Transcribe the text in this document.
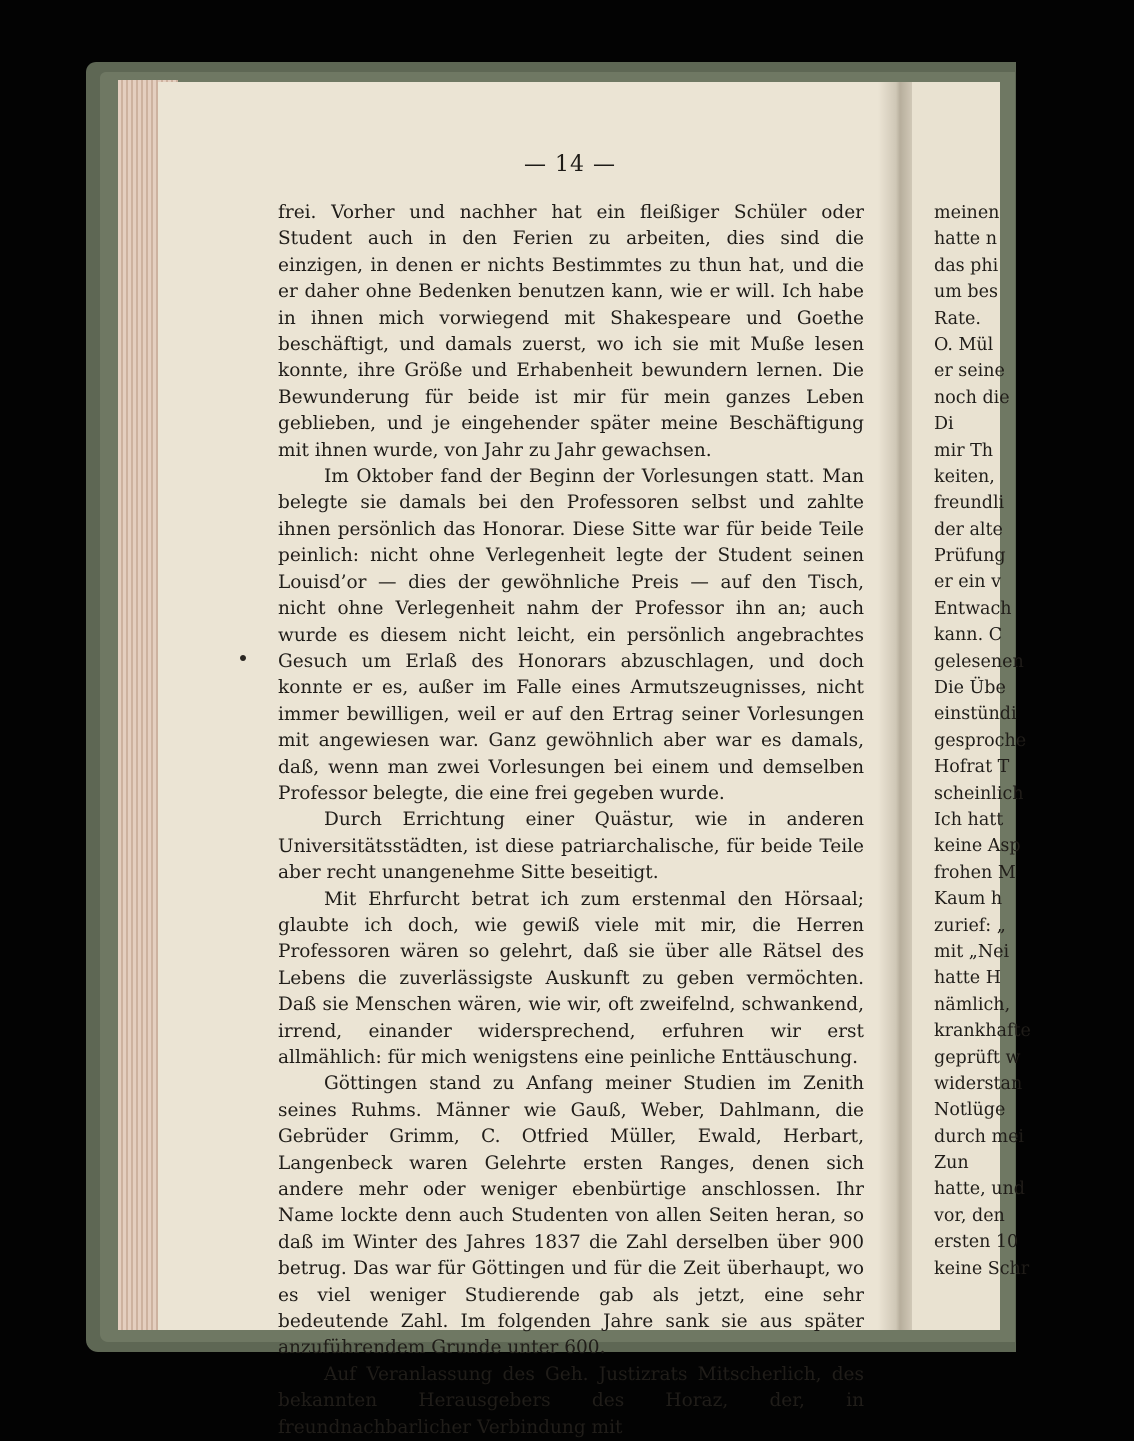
meinen
hatte n
das phi
um bes
Rate.
O. Mül
er seine
noch die
Di
mir Th
keiten,
freundli
der alte
Prüfung
er ein v
Entwach
kann. C
gelesenen
Die Übe
einstündi
gesproche
Hofrat T
scheinlich
Ich hatt
keine Asp
frohen M
Kaum h
zurief: „
mit „Nei
hatte H
nämlich,
krankhafte
geprüft w
widerstan
Notlüge
durch mei
Zun
hatte, und
vor, den
ersten 10
keine Schr
— 14 —

frei. Vorher und nachher hat ein fleißiger Schüler oder Student auch in den Ferien zu arbeiten, dies sind die einzigen, in denen er nichts Bestimmtes zu thun hat, und die er daher ohne Bedenken benutzen kann, wie er will. Ich habe in ihnen mich vorwiegend mit Shakespeare und Goethe beschäftigt, und damals zuerst, wo ich sie mit Muße lesen konnte, ihre Größe und Erhabenheit bewundern lernen. Die Bewunderung für beide ist mir für mein ganzes Leben geblieben, und je eingehender später meine Beschäftigung mit ihnen wurde, von Jahr zu Jahr gewachsen.

Im Oktober fand der Beginn der Vorlesungen statt. Man belegte sie damals bei den Professoren selbst und zahlte ihnen persönlich das Honorar. Diese Sitte war für beide Teile peinlich: nicht ohne Verlegenheit legte der Student seinen Louisd’or — dies der gewöhnliche Preis — auf den Tisch, nicht ohne Verlegenheit nahm der Professor ihn an; auch wurde es diesem nicht leicht, ein persönlich angebrachtes Gesuch um Erlaß des Honorars abzuschlagen, und doch konnte er es, außer im Falle eines Armutszeugnisses, nicht immer bewilligen, weil er auf den Ertrag seiner Vorlesungen mit angewiesen war. Ganz gewöhnlich aber war es damals, daß, wenn man zwei Vorlesungen bei einem und demselben Professor belegte, die eine frei gegeben wurde.

Durch Errichtung einer Quästur, wie in anderen Universitätsstädten, ist diese patriarchalische, für beide Teile aber recht unangenehme Sitte beseitigt.

Mit Ehrfurcht betrat ich zum erstenmal den Hörsaal; glaubte ich doch, wie gewiß viele mit mir, die Herren Professoren wären so gelehrt, daß sie über alle Rätsel des Lebens die zuverlässigste Auskunft zu geben vermöchten. Daß sie Menschen wären, wie wir, oft zweifelnd, schwankend, irrend, einander widersprechend, erfuhren wir erst allmählich: für mich wenigstens eine peinliche Enttäuschung.

Göttingen stand zu Anfang meiner Studien im Zenith seines Ruhms. Männer wie Gauß, Weber, Dahlmann, die Gebrüder Grimm, C. Otfried Müller, Ewald, Herbart, Langenbeck waren Gelehrte ersten Ranges, denen sich andere mehr oder weniger ebenbürtige anschlossen. Ihr Name lockte denn auch Studenten von allen Seiten heran, so daß im Winter des Jahres 1837 die Zahl derselben über 900 betrug. Das war für Göttingen und für die Zeit überhaupt, wo es viel weniger Studierende gab als jetzt, eine sehr bedeutende Zahl. Im folgenden Jahre sank sie aus später anzuführendem Grunde unter 600.

Auf Veranlassung des Geh. Justizrats Mitscherlich, des bekannten Herausgebers des Horaz, der, in freundnachbarlicher Verbindung mit
